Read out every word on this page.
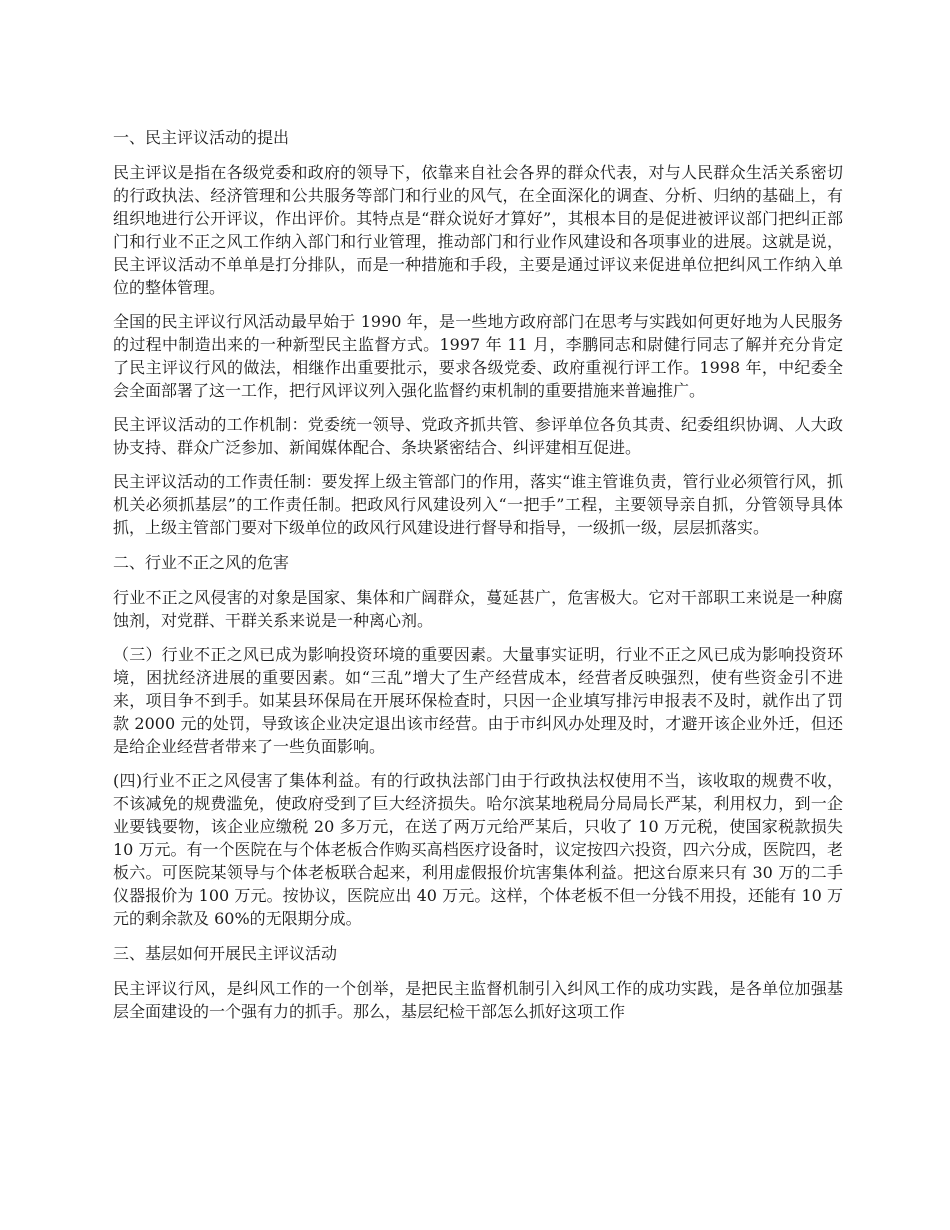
一、民主评议活动的提出

民主评议是指在各级党委和政府的领导下，依靠来自社会各界的群众代表，对与人民群众生活关系密切的行政执法、经济管理和公共服务等部门和行业的风气，在全面深化的调查、分析、归纳的基础上，有组织地进行公开评议，作出评价。其特点是“群众说好才算好”，其根本目的是促进被评议部门把纠正部门和行业不正之风工作纳入部门和行业管理，推动部门和行业作风建设和各项事业的进展。这就是说，民主评议活动不单单是打分排队，而是一种措施和手段，主要是通过评议来促进单位把纠风工作纳入单位的整体管理。

全国的民主评议行风活动最早始于 1990 年，是一些地方政府部门在思考与实践如何更好地为人民服务的过程中制造出来的一种新型民主监督方式。1997 年 11 月，李鹏同志和尉健行同志了解并充分肯定了民主评议行风的做法，相继作出重要批示，要求各级党委、政府重视行评工作。1998 年，中纪委全会全面部署了这一工作，把行风评议列入强化监督约束机制的重要措施来普遍推广。

民主评议活动的工作机制：党委统一领导、党政齐抓共管、参评单位各负其责、纪委组织协调、人大政协支持、群众广泛参加、新闻媒体配合、条块紧密结合、纠评建相互促进。

民主评议活动的工作责任制：要发挥上级主管部门的作用，落实“谁主管谁负责，管行业必须管行风，抓机关必须抓基层”的工作责任制。把政风行风建设列入“一把手”工程，主要领导亲自抓，分管领导具体抓，上级主管部门要对下级单位的政风行风建设进行督导和指导，一级抓一级，层层抓落实。

二、行业不正之风的危害

行业不正之风侵害的对象是国家、集体和广阔群众，蔓延甚广，危害极大。它对干部职工来说是一种腐蚀剂，对党群、干群关系来说是一种离心剂。

（三）行业不正之风已成为影响投资环境的重要因素。大量事实证明，行业不正之风已成为影响投资环境，困扰经济进展的重要因素。如“三乱”增大了生产经营成本，经营者反映强烈，使有些资金引不进来，项目争不到手。如某县环保局在开展环保检查时，只因一企业填写排污申报表不及时，就作出了罚款 2000 元的处罚，导致该企业决定退出该市经营。由于市纠风办处理及时，才避开该企业外迁，但还是给企业经营者带来了一些负面影响。

(四)行业不正之风侵害了集体利益。有的行政执法部门由于行政执法权使用不当，该收取的规费不收，不该减免的规费滥免，使政府受到了巨大经济损失。哈尔滨某地税局分局局长严某，利用权力，到一企业要钱要物，该企业应缴税 20 多万元，在送了两万元给严某后，只收了 10 万元税，使国家税款损失 10 万元。有一个医院在与个体老板合作购买高档医疗设备时，议定按四六投资，四六分成，医院四，老板六。可医院某领导与个体老板联合起来，利用虚假报价坑害集体利益。把这台原来只有 30 万的二手仪器报价为 100 万元。按协议，医院应出 40 万元。这样，个体老板不但一分钱不用投，还能有 10 万元的剩余款及 60%的无限期分成。

三、基层如何开展民主评议活动

民主评议行风，是纠风工作的一个创举，是把民主监督机制引入纠风工作的成功实践，是各单位加强基层全面建设的一个强有力的抓手。那么，基层纪检干部怎么抓好这项工作
